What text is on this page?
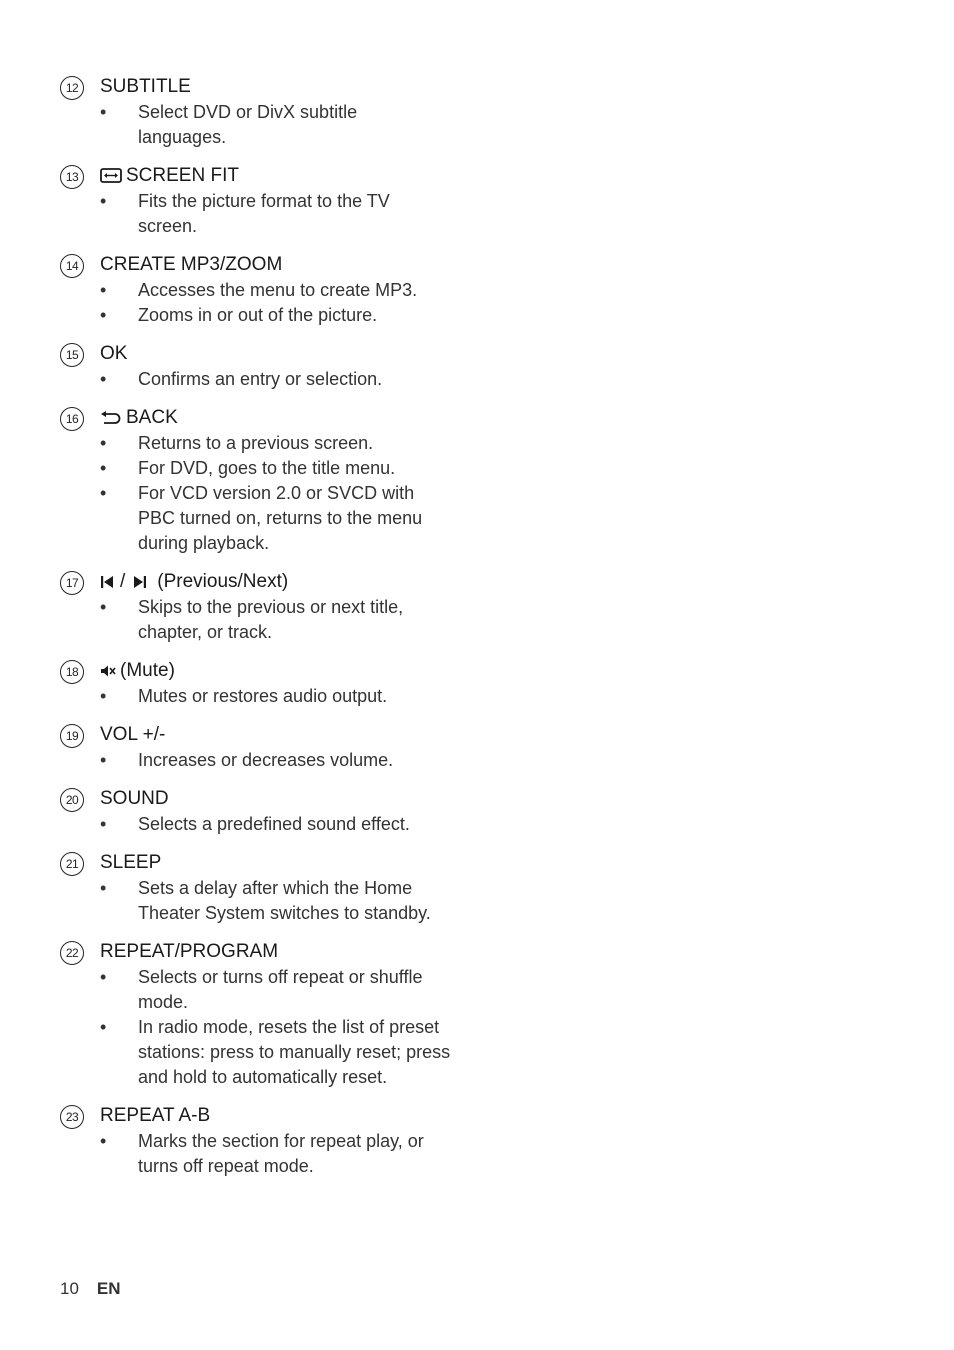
12	SUBTITLE
• Select DVD or DivX subtitle languages.
13	SCREEN FIT
• Fits the picture format to the TV screen.
14	CREATE MP3/ZOOM
• Accesses the menu to create MP3.
• Zooms in or out of the picture.
15	OK
• Confirms an entry or selection.
16	BACK
• Returns to a previous screen.
• For DVD, goes to the title menu.
• For VCD version 2.0 or SVCD with PBC turned on, returns to the menu during playback.
17	/ (Previous/Next)
• Skips to the previous or next title, chapter, or track.
18	(Mute)
• Mutes or restores audio output.
19	VOL +/-
• Increases or decreases volume.
20	SOUND
• Selects a predefined sound effect.
21	SLEEP
• Sets a delay after which the Home Theater System switches to standby.
22	REPEAT/PROGRAM
• Selects or turns off repeat or shuffle mode.
• In radio mode, resets the list of preset stations: press to manually reset; press and hold to automatically reset.
23	REPEAT A-B
• Marks the section for repeat play, or turns off repeat mode.
10 EN
